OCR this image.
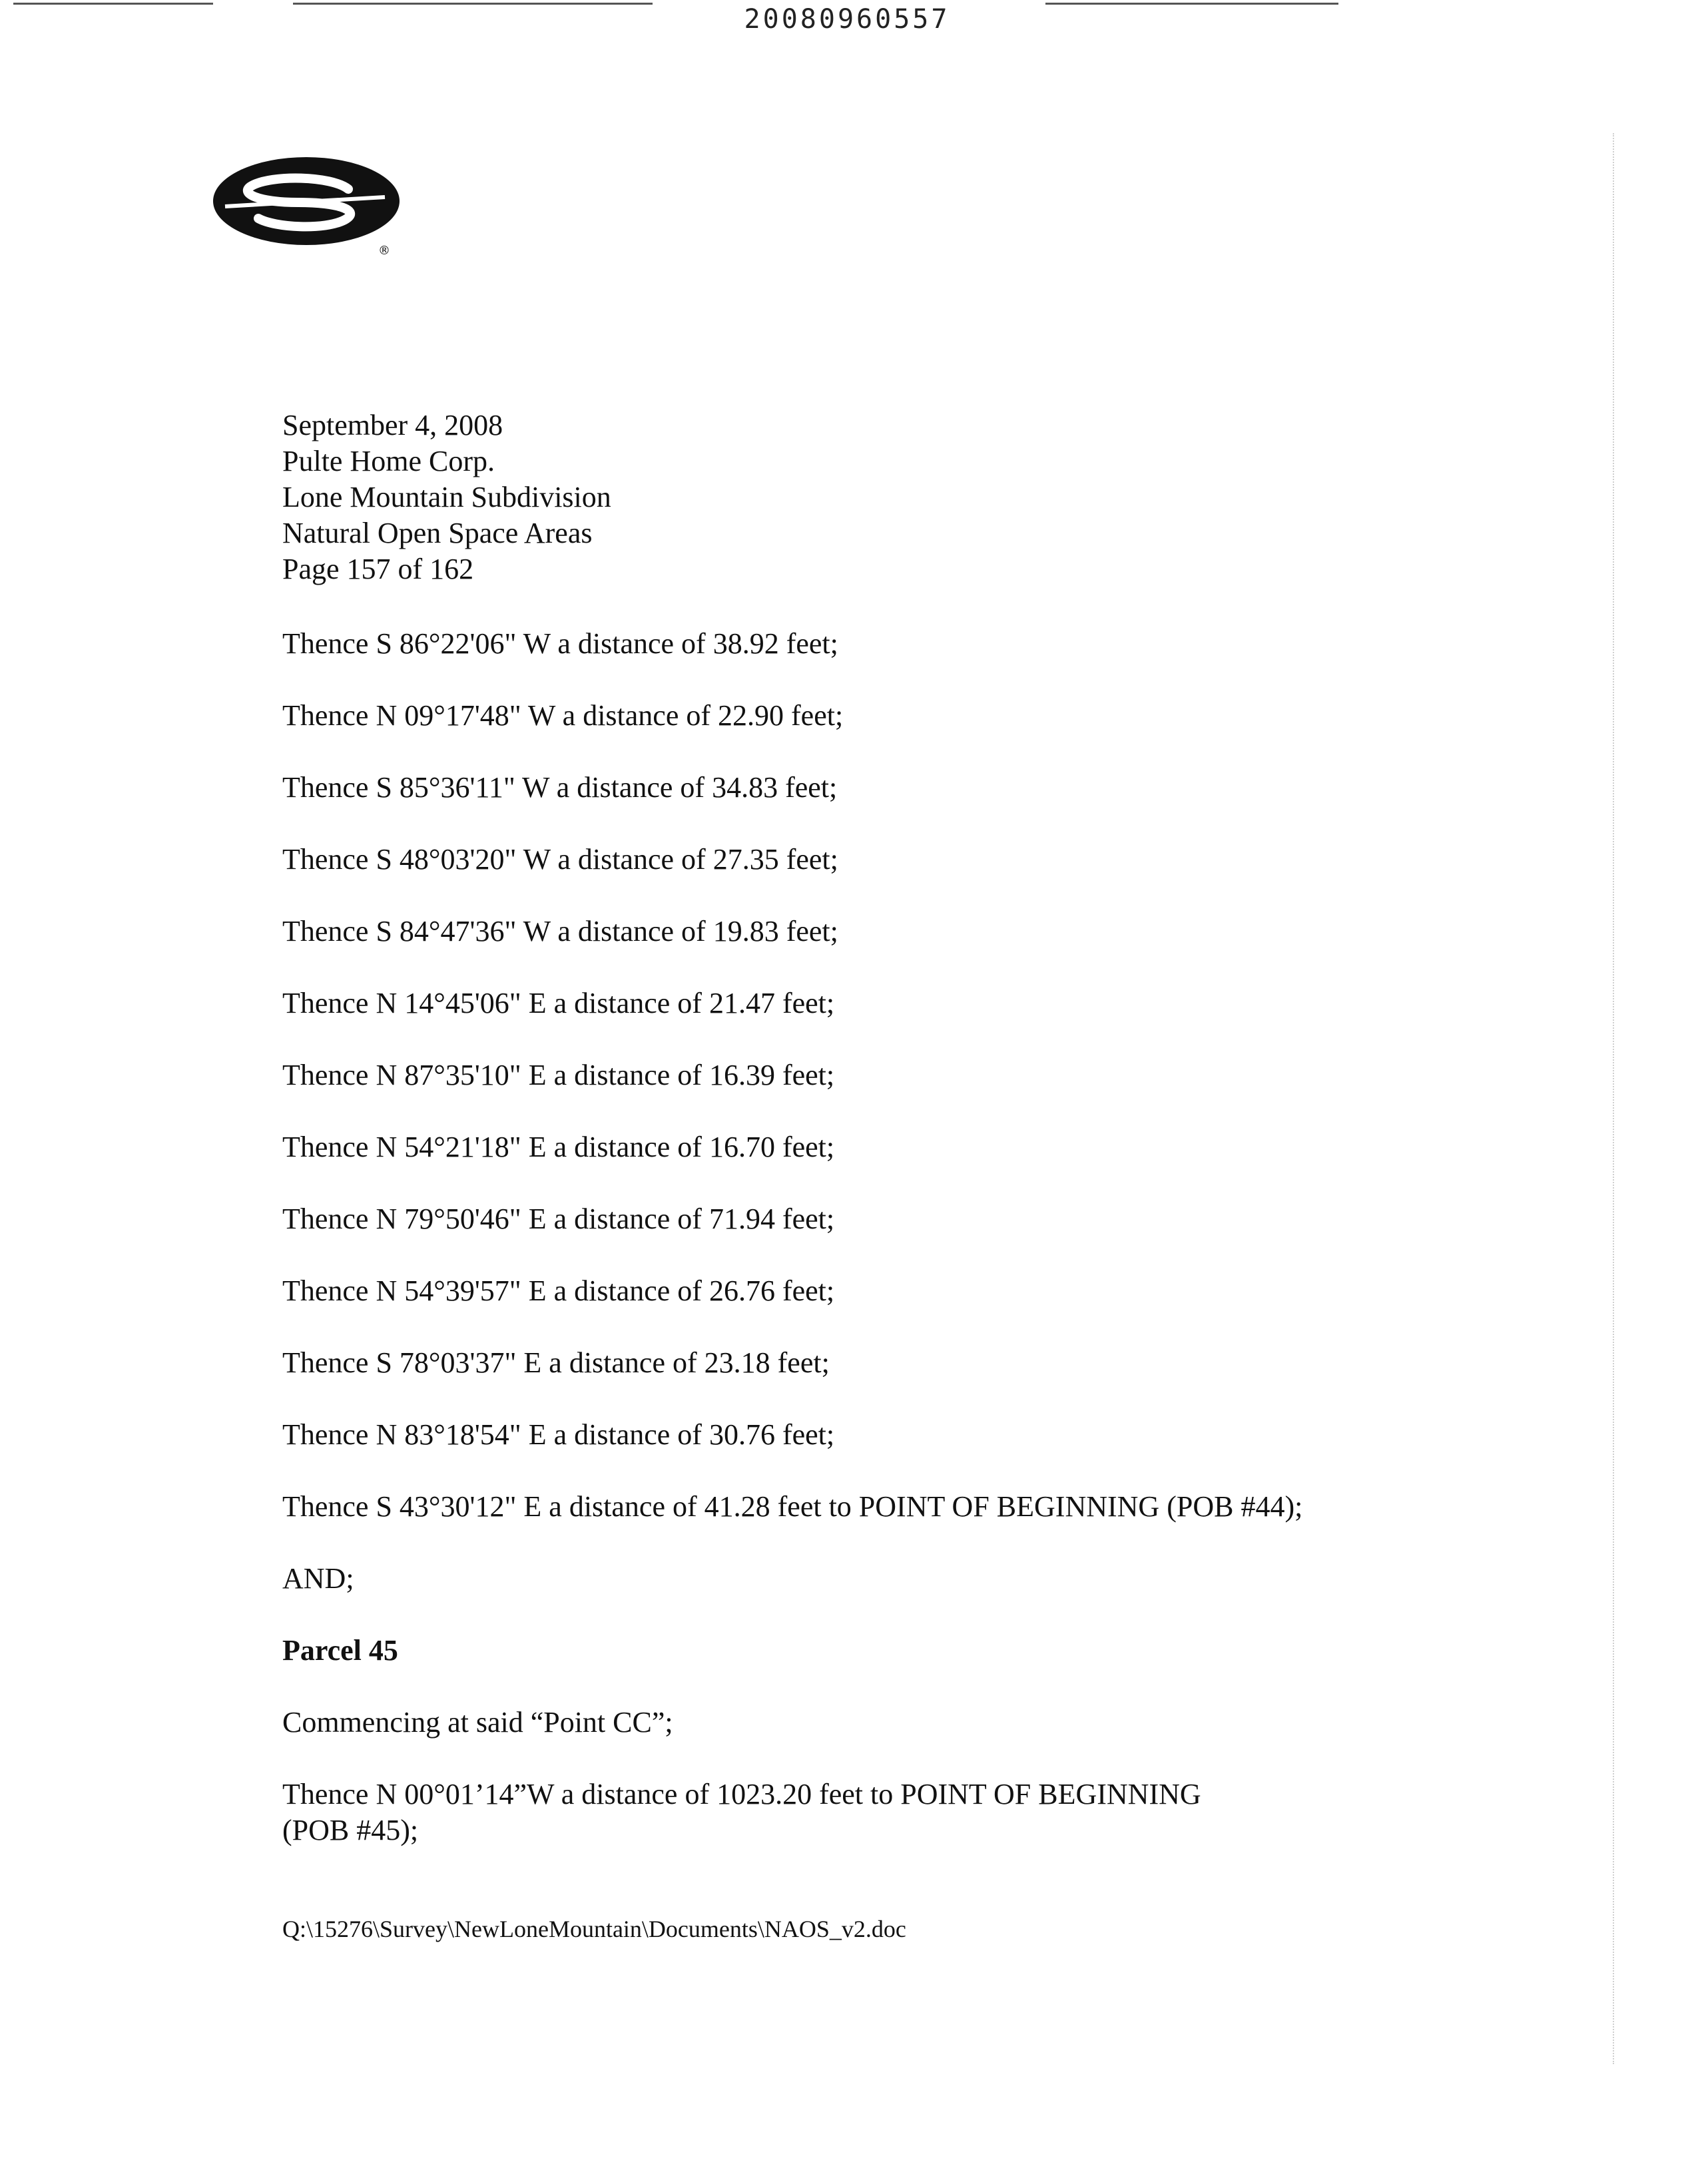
20080960557
®
September 4, 2008
Pulte Home Corp.
Lone Mountain Subdivision
Natural Open Space Areas
Page 157 of 162
Thence S 86°22'06" W a distance of 38.92 feet;
Thence N 09°17'48" W a distance of 22.90 feet;
Thence S 85°36'11" W a distance of 34.83 feet;
Thence S 48°03'20" W a distance of 27.35 feet;
Thence S 84°47'36" W a distance of 19.83 feet;
Thence N 14°45'06" E a distance of 21.47 feet;
Thence N 87°35'10" E a distance of 16.39 feet;
Thence N 54°21'18" E a distance of 16.70 feet;
Thence N 79°50'46" E a distance of 71.94 feet;
Thence N 54°39'57" E a distance of 26.76 feet;
Thence S 78°03'37" E a distance of 23.18 feet;
Thence N 83°18'54" E a distance of 30.76 feet;
Thence S 43°30'12" E a distance of 41.28 feet to POINT OF BEGINNING (POB #44);
AND;
Parcel 45
Commencing at said “Point CC”;
Thence N 00°01’14”W a distance of 1023.20 feet to POINT OF BEGINNING
(POB #45);
Q:\15276\Survey\NewLoneMountain\Documents\NAOS_v2.doc
